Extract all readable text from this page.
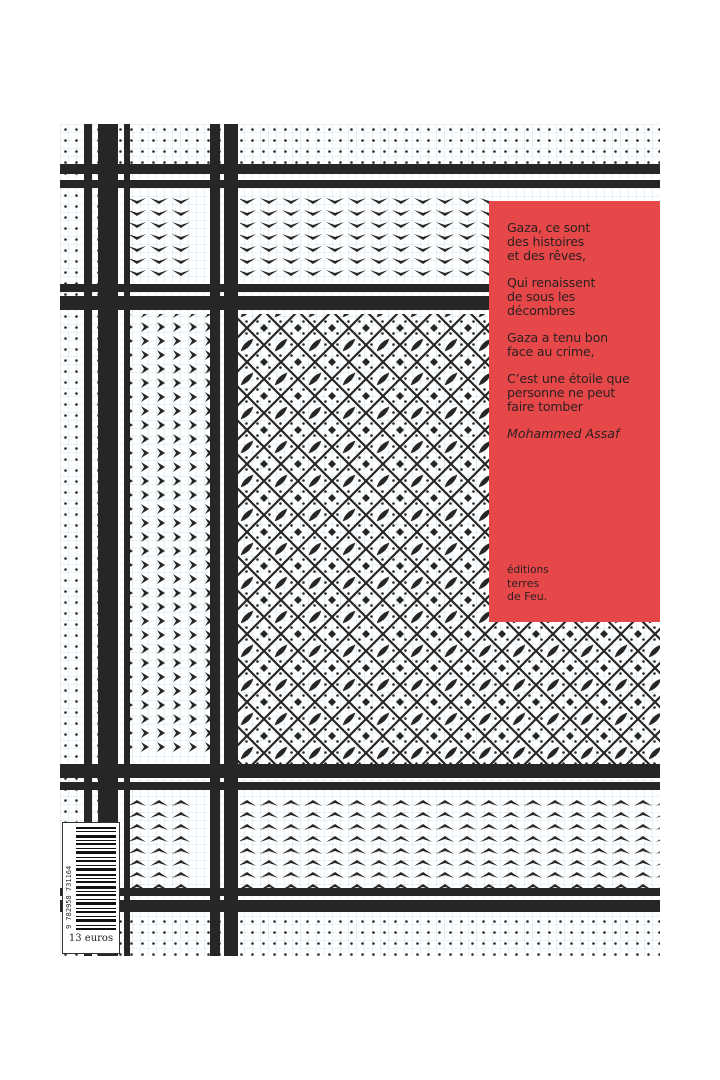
Gaza, ce sont
des histoires
et des rêves,

Qui renaissent
de sous les
décombres

Gaza a tenu bon
face au crime,

C’est une étoile que
personne ne peut
faire tomber

Mohammed Assaf
éditions
terres
de Feu.
9 782958 731164
13 euros
